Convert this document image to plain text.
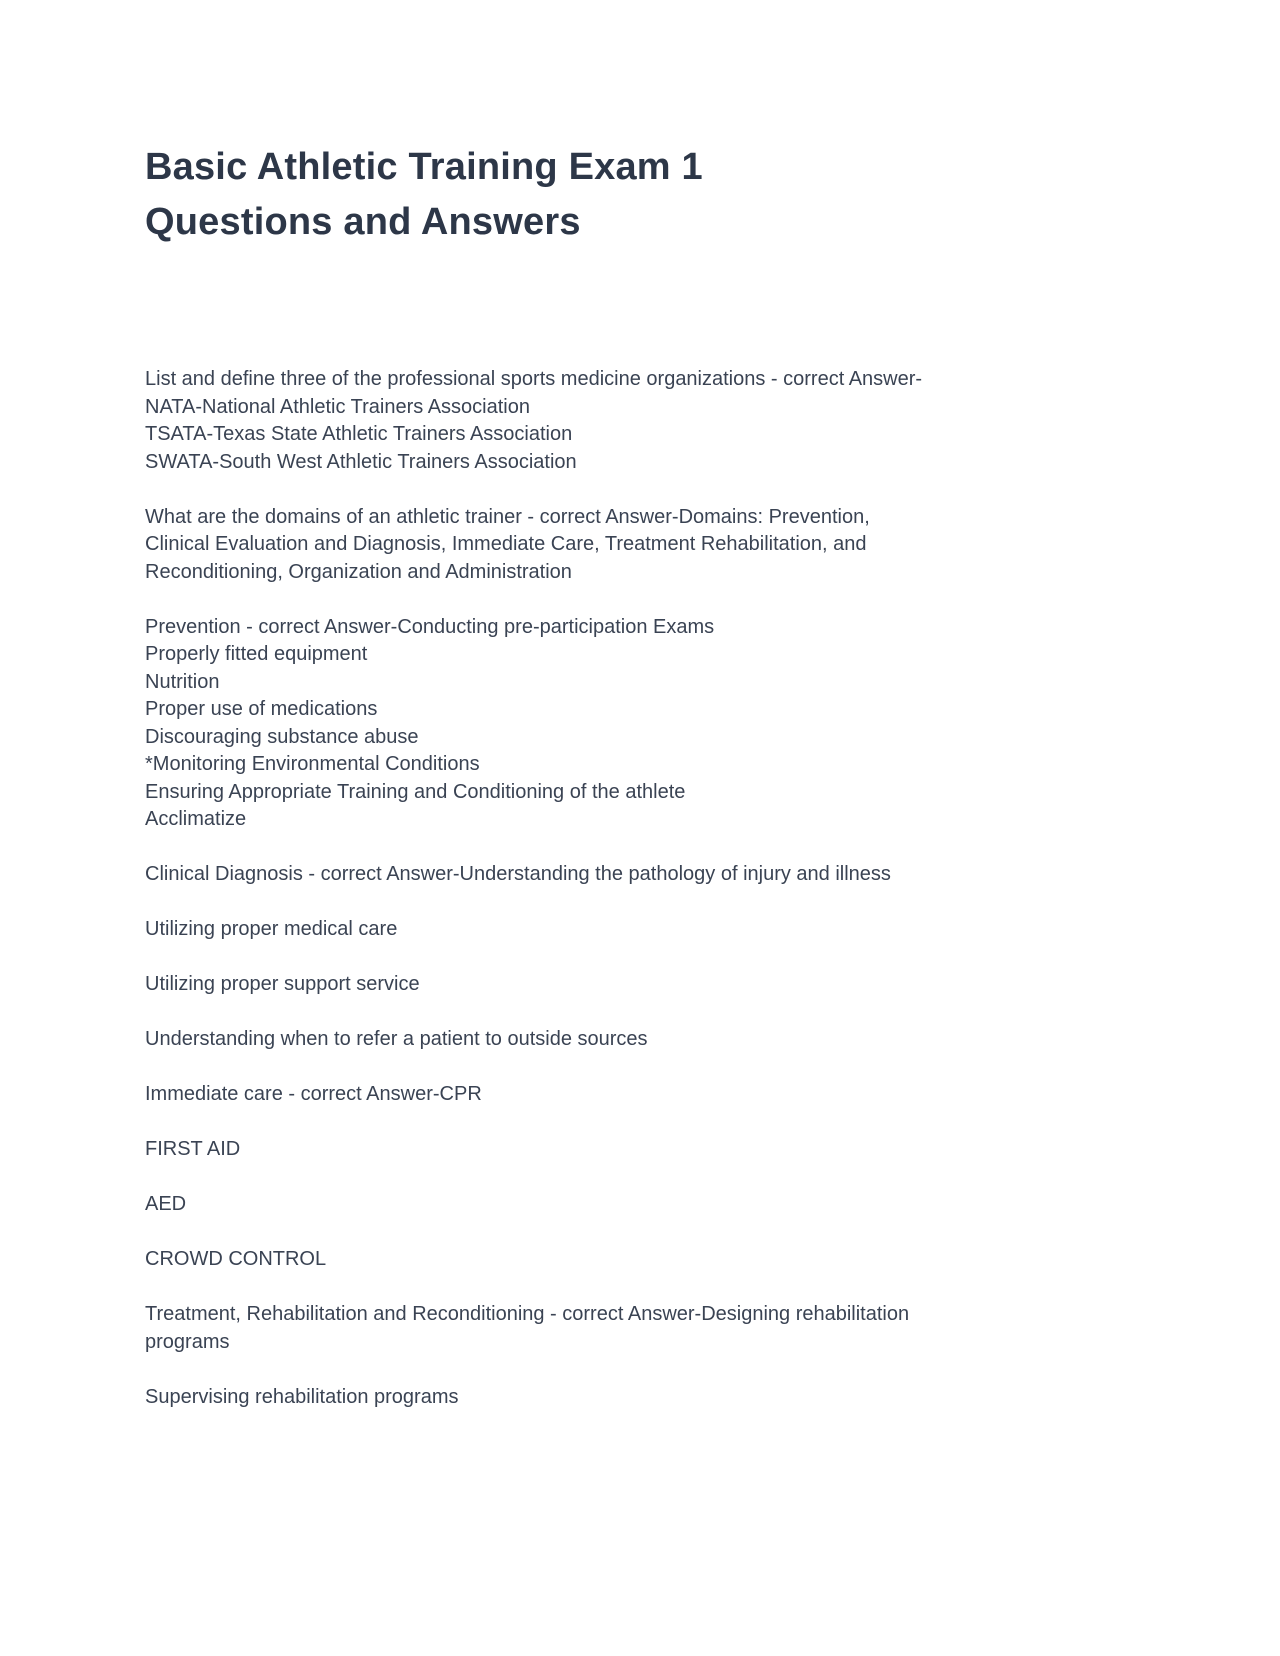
Basic Athletic Training Exam 1
Questions and Answers

List and define three of the professional sports medicine organizations - correct Answer-
NATA-National Athletic Trainers Association
TSATA-Texas State Athletic Trainers Association
SWATA-South West Athletic Trainers Association

What are the domains of an athletic trainer - correct Answer-Domains: Prevention,
Clinical Evaluation and Diagnosis, Immediate Care, Treatment Rehabilitation, and
Reconditioning, Organization and Administration

Prevention - correct Answer-Conducting pre-participation Exams
Properly fitted equipment
Nutrition
Proper use of medications
Discouraging substance abuse
*Monitoring Environmental Conditions
Ensuring Appropriate Training and Conditioning of the athlete
Acclimatize

Clinical Diagnosis - correct Answer-Understanding the pathology of injury and illness

Utilizing proper medical care

Utilizing proper support service

Understanding when to refer a patient to outside sources

Immediate care - correct Answer-CPR

FIRST AID

AED

CROWD CONTROL

Treatment, Rehabilitation and Reconditioning - correct Answer-Designing rehabilitation
programs

Supervising rehabilitation programs
